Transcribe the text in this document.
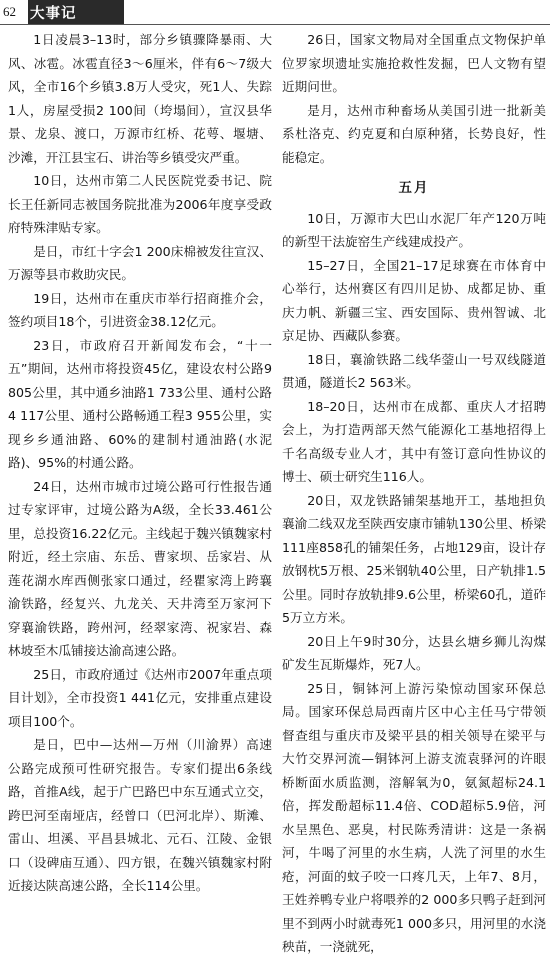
62 大事记

1日凌晨3–13时，部分乡镇骤降暴雨、大风、冰雹。冰雹直径3～6厘米，伴有6～7级大风，全市16个乡镇3.8万人受灾，死1人、失踪1人，房屋受损2 100间（垮塌间），宣汉县华景、龙泉、渡口，万源市红桥、花萼、堰塘、沙滩，开江县宝石、讲治等乡镇受灾严重。

10日，达州市第二人民医院党委书记、院长王任新同志被国务院批准为2006年度享受政府特殊津贴专家。

是日，市红十字会1 200床棉被发往宣汉、万源等县市救助灾民。

19日，达州市在重庆市举行招商推介会，签约项目18个，引进资金38.12亿元。

23日，市政府召开新闻发布会，“十一五”期间，达州市将投资45亿，建设农村公路9 805公里，其中通乡油路1 733公里、通村公路4 117公里、通村公路畅通工程3 955公里，实现乡乡通油路、60%的建制村通油路(水泥路)、95%的村通公路。

24日，达州市城市过境公路可行性报告通过专家评审，过境公路为A级，全长33.461公里，总投资16.22亿元。主线起于魏兴镇魏家村附近，经土宗庙、东岳、曹家坝、岳家岩、从莲花湖水库西侧张家口通过，经瞿家湾上跨襄渝铁路，经复兴、九龙关、天井湾至万家河下穿襄渝铁路，跨州河，经翠家湾、祝家岩、森林坡至木瓜铺接达渝高速公路。

25日，市政府通过《达州市2007年重点项目计划》，全市投资1 441亿元，安排重点建设项目100个。

是日，巴中—达州—万州（川渝界）高速公路完成预可性研究报告。专家们提出6条线路，首推A线，起于广巴路巴中东互通式立交，跨巴河至南垭店，经曾口（巴河北岸）、斯滩、雷山、坦溪、平昌县城北、元石、江陵、金银口（设碑庙互通）、四方银，在魏兴镇魏家村附近接达陕高速公路，全长114公里。

26日，国家文物局对全国重点文物保护单位罗家坝遗址实施抢救性发掘，巴人文物有望近期问世。

是月，达州市种畜场从美国引进一批新美系杜洛克、约克夏和白原种猪，长势良好，性能稳定。

五月

10日，万源市大巴山水泥厂年产120万吨的新型干法旋窑生产线建成投产。

15–27日，全国21–17足球赛在市体育中心举行，达州赛区有四川足协、成都足协、重庆力帆、新疆三宝、西安国际、贵州智诚、北京足协、西藏队参赛。

18日，襄渝铁路二线华蓥山一号双线隧道贯通，隧道长2 563米。

18–20日，达州市在成都、重庆人才招聘会上，为打造两部天然气能源化工基地招得上千名高级专业人才，其中有签订意向性协议的博士、硕士研究生116人。

20日，双龙铁路铺架基地开工，基地担负襄渝二线双龙至陕西安康市铺轨130公里、桥梁111座858孔的铺架任务，占地129亩，设计存放钢枕5万根、25米钢轨40公里，日产轨排1.5公里。同时存放轨排9.6公里，桥梁60孔，道砟5万立方米。

20日上午9时30分，达县幺塘乡狮儿沟煤矿发生瓦斯爆炸，死7人。

25日，铜钵河上游污染惊动国家环保总局。国家环保总局西南片区中心主任马宁带领督查组与重庆市及梁平县的相关领导在梁平与大竹交界河流—铜钵河上游支流袁驿河的许眼桥断面水质监测，溶解氧为0，氨氮超标24.1倍，挥发酚超标11.4倍、COD超标5.9倍，河水呈黑色、恶臭，村民陈秀清讲：这是一条祸河，牛喝了河里的水生病，人洗了河里的水生疮，河面的蚊子咬一口疼几天，上年7、8月，王姓养鸭专业户将喂养的2 000多只鸭子赶到河里不到两小时就毒死1 000多只，用河里的水浇秧苗，一浇就死，
